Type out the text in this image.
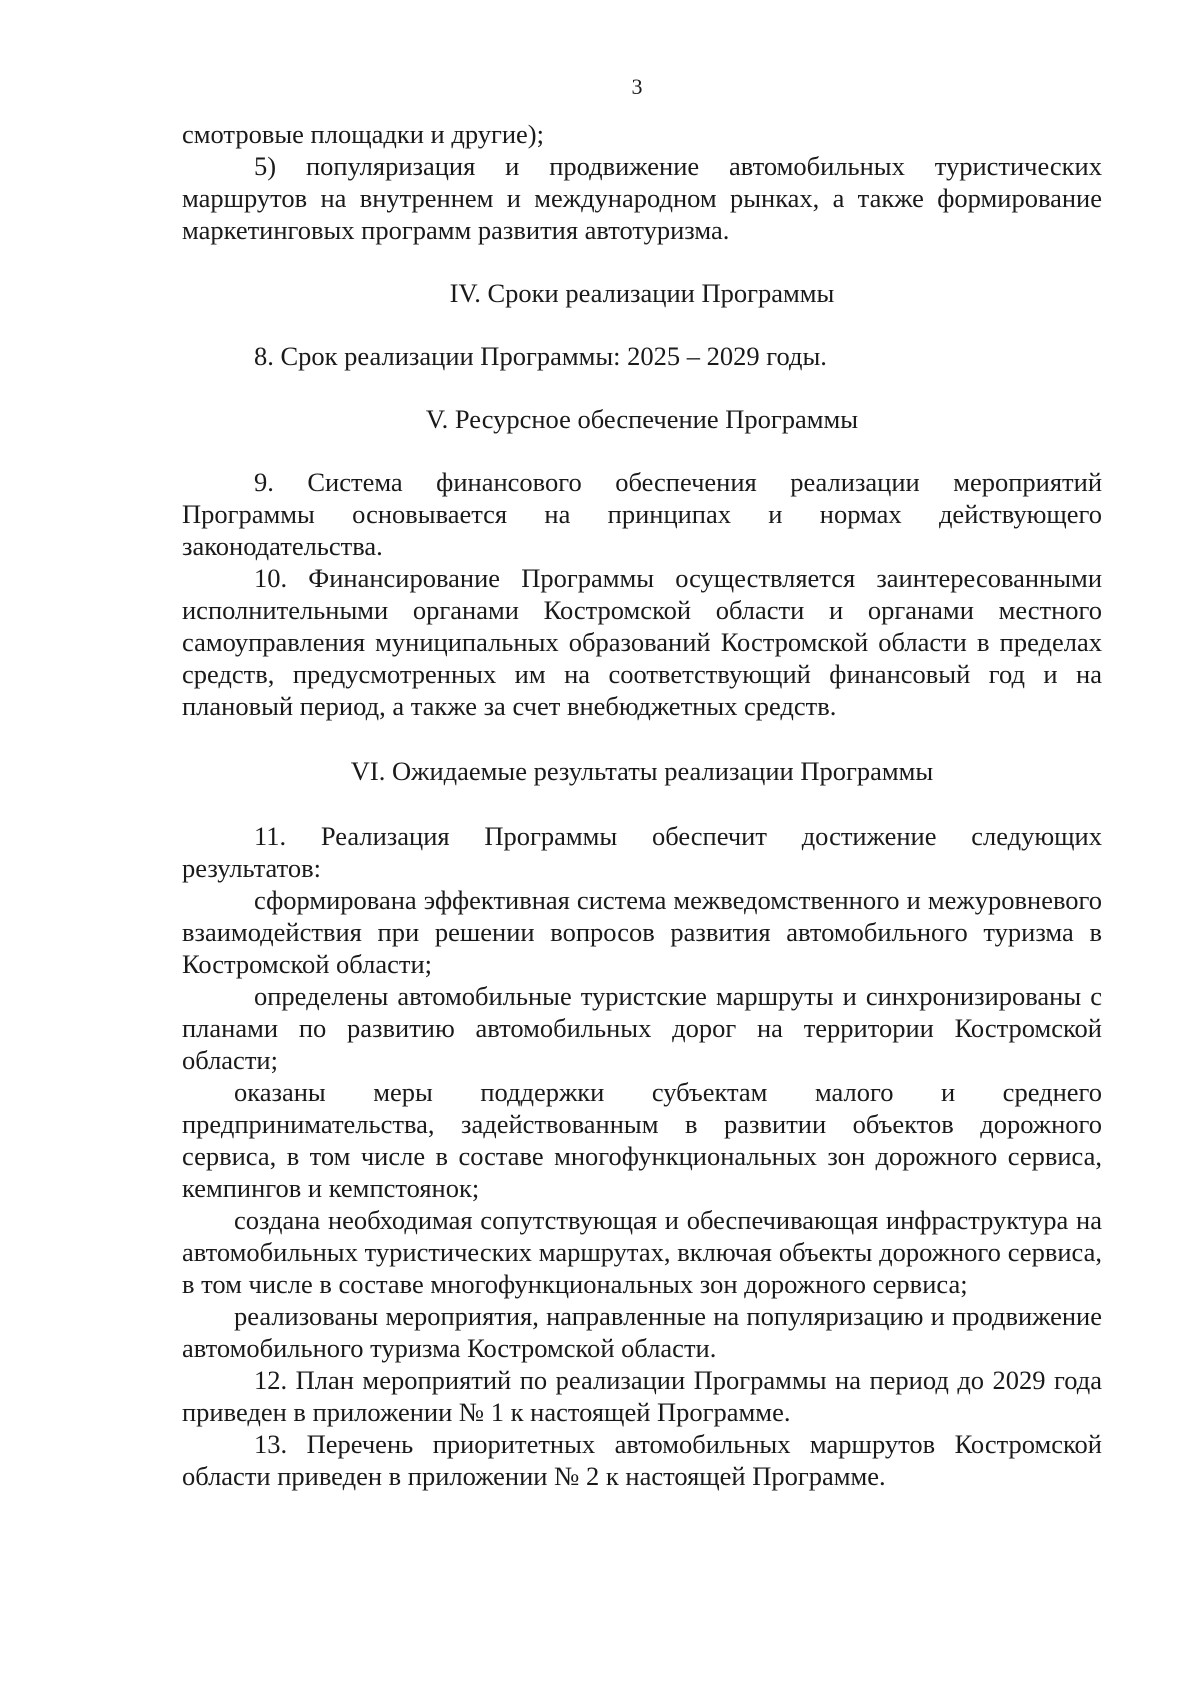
3

смотровые площадки и другие);

5) популяризация и продвижение автомобильных туристических маршрутов на внутреннем и международном рынках, а также формирование маркетинговых программ развития автотуризма.

IV. Сроки реализации Программы

8. Срок реализации Программы: 2025 – 2029 годы.

V. Ресурсное обеспечение Программы

9. Система финансового обеспечения реализации мероприятий Программы основывается на принципах и нормах действующего законодательства.

10. Финансирование Программы осуществляется заинтересованными исполнительными органами Костромской области и органами местного самоуправления муниципальных образований Костромской области в пределах средств, предусмотренных им на соответствующий финансовый год и на плановый период, а также за счет внебюджетных средств.

VI. Ожидаемые результаты реализации Программы

11. Реализация Программы обеспечит достижение следующих результатов:

сформирована эффективная система межведомственного и межуровневого взаимодействия при решении вопросов развития автомобильного туризма в Костромской области;

определены автомобильные туристские маршруты и синхронизированы с планами по развитию автомобильных дорог на территории Костромской области;

оказаны меры поддержки субъектам малого и среднего предпринимательства, задействованным в развитии объектов дорожного сервиса, в том числе в составе многофункциональных зон дорожного сервиса, кемпингов и кемпстоянок;

создана необходимая сопутствующая и обеспечивающая инфраструктура на автомобильных туристических маршрутах, включая объекты дорожного сервиса, в том числе в составе многофункциональных зон дорожного сервиса;

реализованы мероприятия, направленные на популяризацию и продвижение автомобильного туризма Костромской области.

12. План мероприятий по реализации Программы на период до 2029 года приведен в приложении № 1 к настоящей Программе.

13. Перечень приоритетных автомобильных маршрутов Костромской области приведен в приложении № 2 к настоящей Программе.
